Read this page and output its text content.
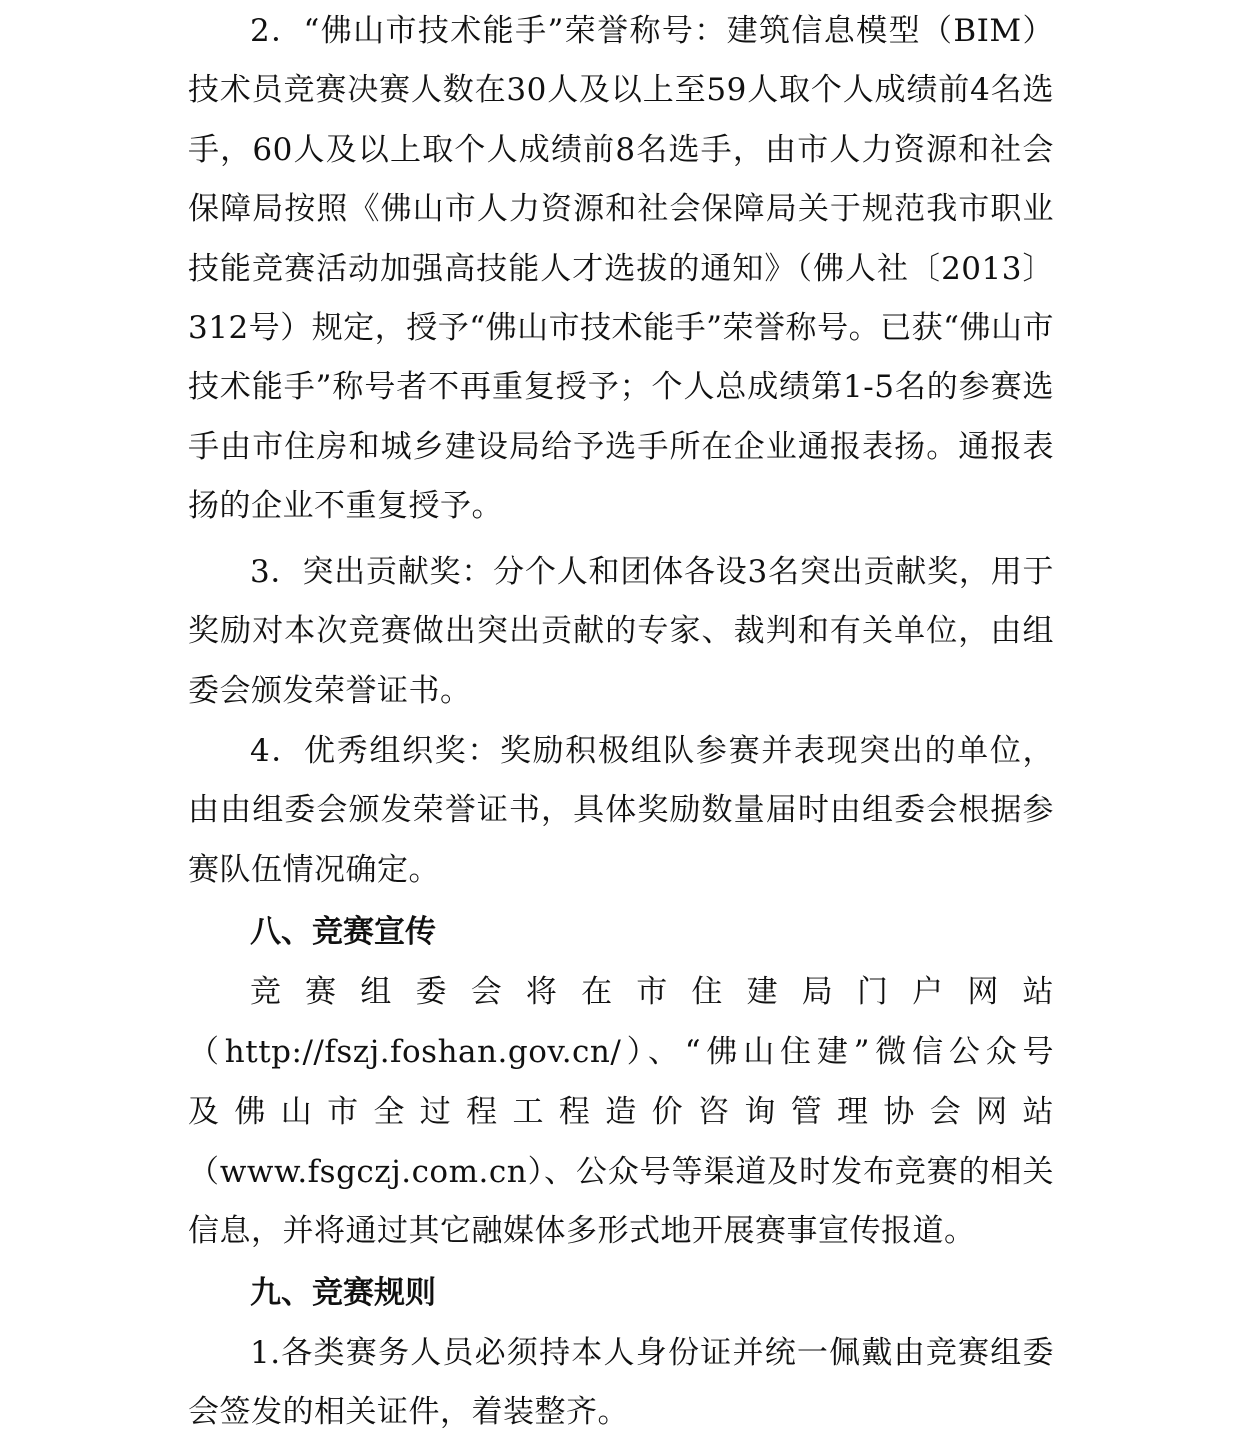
2．“佛山市技术能手”荣誉称号：建筑信息模型（BIM）技术员竞赛决赛人数在30人及以上至59人取个人成绩前4名选手，60人及以上取个人成绩前8名选手，由市人力资源和社会保障局按照《佛山市人力资源和社会保障局关于规范我市职业技能竞赛活动加强高技能人才选拔的通知》（佛人社〔2013〕312号）规定，授予“佛山市技术能手”荣誉称号。已获“佛山市技术能手”称号者不再重复授予；个人总成绩第1-5名的参赛选手由市住房和城乡建设局给予选手所在企业通报表扬。通报表扬的企业不重复授予。

3．突出贡献奖：分个人和团体各设3名突出贡献奖，用于奖励对本次竞赛做出突出贡献的专家、裁判和有关单位，由组委会颁发荣誉证书。

4．优秀组织奖：奖励积极组队参赛并表现突出的单位，由由组委会颁发荣誉证书，具体奖励数量届时由组委会根据参赛队伍情况确定。

八、竞赛宣传

竞赛组委会将在市住建局门户网站

（http://fszj.foshan.gov.cn/）、“佛山住建”微信公众号

及佛山市全过程工程造价咨询管理协会网站

（www.fsgczj.com.cn）、公众号等渠道及时发布竞赛的相关信息，并将通过其它融媒体多形式地开展赛事宣传报道。

九、竞赛规则

1.各类赛务人员必须持本人身份证并统一佩戴由竞赛组委会签发的相关证件，着装整齐。
